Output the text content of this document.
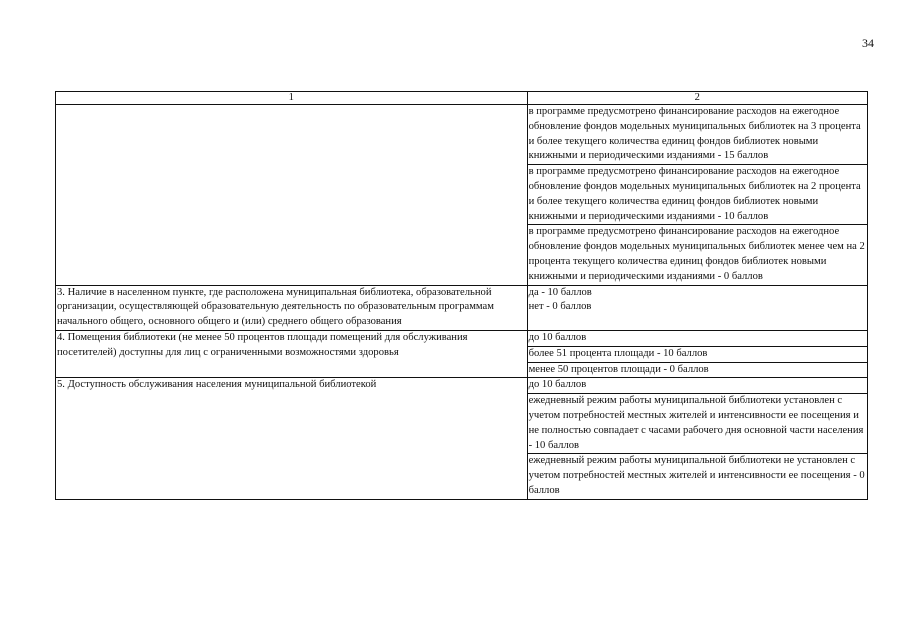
34
1	2
	в программе предусмотрено финансирование расходов на ежегодное обновление фондов модельных муниципальных библиотек на 3 процента и более текущего количества единиц фондов библиотек новыми книжными и периодическими изданиями - 15 баллов
	в программе предусмотрено финансирование расходов на ежегодное обновление фондов модельных муниципальных библиотек на 2 процента и более текущего количества единиц фондов библиотек новыми книжными и периодическими изданиями - 10 баллов
	в программе предусмотрено финансирование расходов на ежегодное обновление фондов модельных муниципальных библиотек менее чем на 2 процента текущего количества единиц фондов библиотек новыми книжными и периодическими изданиями - 0 баллов
3. Наличие в населенном пункте, где расположена муниципальная библиотека, образовательной организации, осуществляющей образовательную деятельность по образовательным программам начального общего, основного общего и (или) среднего общего образования	да - 10 баллов
нет - 0 баллов
4. Помещения библиотеки (не менее 50 процентов площади помещений для обслуживания посетителей) доступны для лиц с ограниченными возможностями здоровья	до 10 баллов
	более 51 процента площади - 10 баллов
	менее 50 процентов площади - 0 баллов
5. Доступность обслуживания населения муниципальной библиотекой	до 10 баллов
	ежедневный режим работы муниципальной библиотеки установлен с учетом потребностей местных жителей и интенсивности ее посещения и не полностью совпадает с часами рабочего дня основной части населения - 10 баллов
	ежедневный режим работы муниципальной библиотеки не установлен с учетом потребностей местных жителей и интенсивности ее посещения - 0 баллов
